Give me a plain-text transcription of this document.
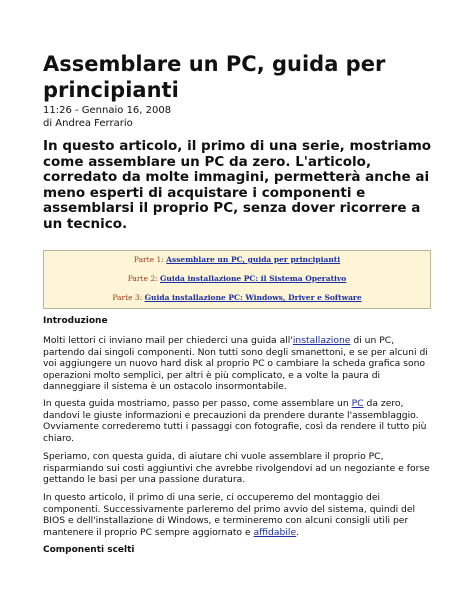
Assemblare un PC, guida per principianti
11:26 - Gennaio 16, 2008
di Andrea Ferrario
In questo articolo, il primo di una serie, mostriamo come assemblare un PC da zero. L'articolo, corredato da molte immagini, permetterà anche ai meno esperti di acquistare i componenti e assemblarsi il proprio PC, senza dover ricorrere a un tecnico.
Parte 1: Assemblare un PC, guida per principianti
Parte 2: Guida installazione PC: il Sistema Operativo
Parte 3: Guida installazione PC: Windows, Driver e Software
Introduzione
Molti lettori ci inviano mail per chiederci una guida all'installazione di un PC, partendo dai singoli componenti. Non tutti sono degli smanettoni, e se per alcuni di voi aggiungere un nuovo hard disk al proprio PC o cambiare la scheda grafica sono operazioni molto semplici, per altri è più complicato, e a volte la paura di danneggiare il sistema è un ostacolo insormontabile.
In questa guida mostriamo, passo per passo, come assemblare un PC da zero, dandovi le giuste informazioni e precauzioni da prendere durante l'assemblaggio. Ovviamente correderemo tutti i passaggi con fotografie, così da rendere il tutto più chiaro.
Speriamo, con questa guida, di aiutare chi vuole assemblare il proprio PC, risparmiando sui costi aggiuntivi che avrebbe rivolgendovi ad un negoziante e forse gettando le basi per una passione duratura.
In questo articolo, il primo di una serie, ci occuperemo del montaggio dei componenti. Successivamente parleremo del primo avvio del sistema, quindi del BIOS e dell'installazione di Windows, e termineremo con alcuni consigli utili per mantenere il proprio PC sempre aggiornato e affidabile.
Componenti scelti
